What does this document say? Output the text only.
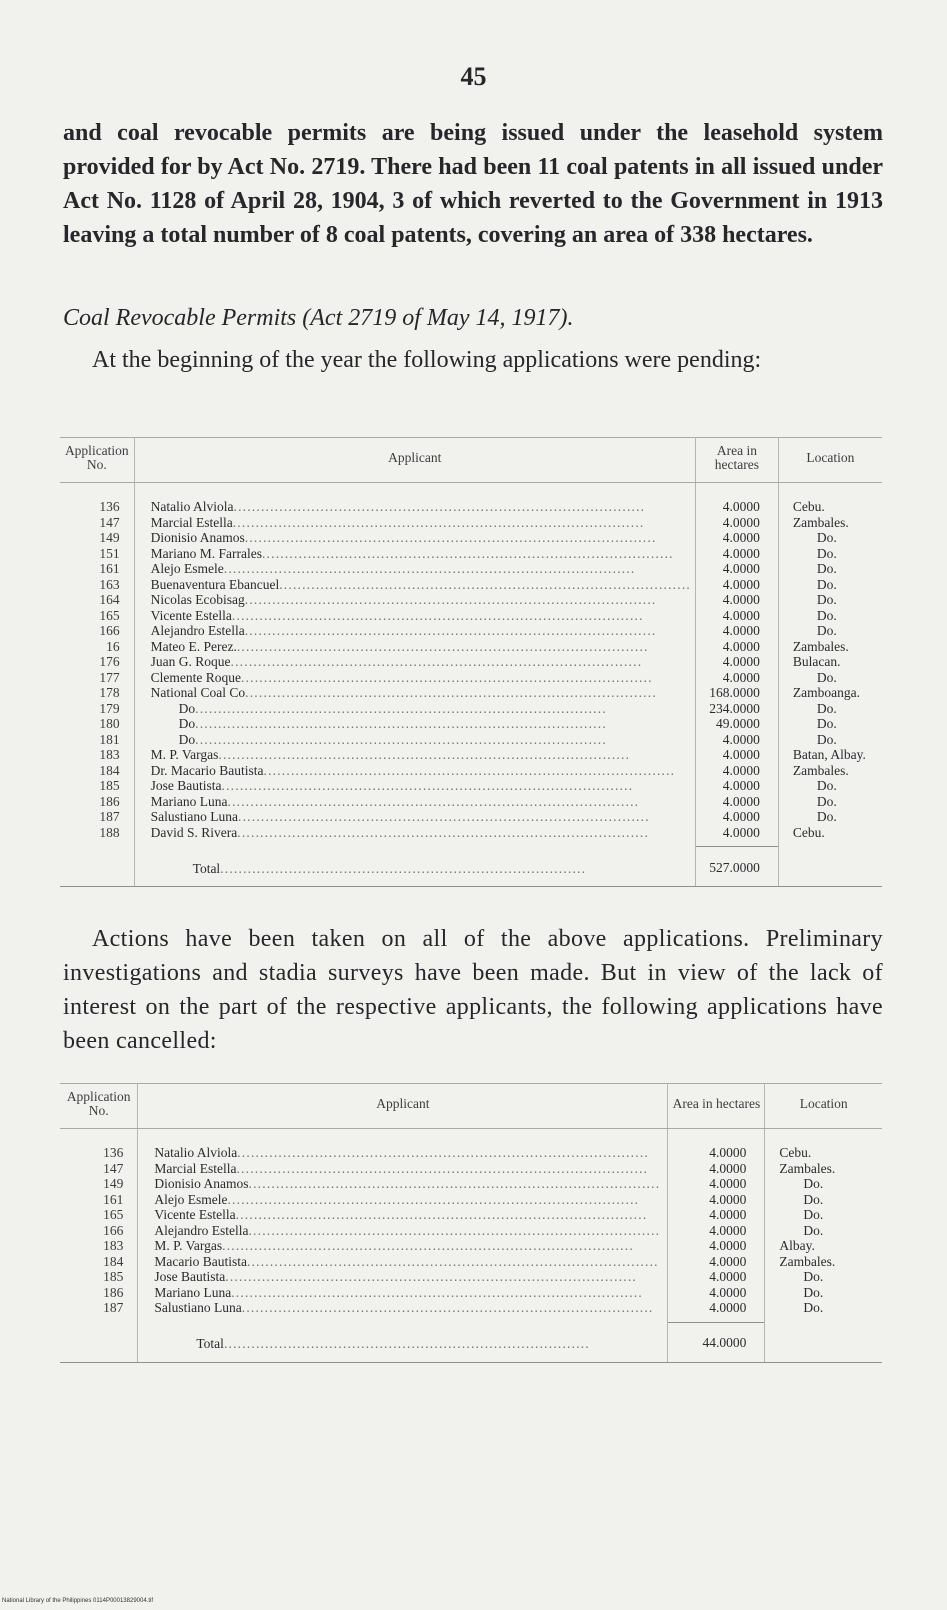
45

and coal revocable permits are being issued under the leasehold system provided for by Act No. 2719. There had been 11 coal patents in all issued under Act No. 1128 of April 28, 1904, 3 of which reverted to the Government in 1913 leaving a total number of 8 coal patents, covering an area of 338 hectares.

Coal Revocable Permits (Act 2719 of May 14, 1917).

At the beginning of the year the following applications were pending:

Application No.	Applicant	Area in hectares	Location
136	Natalio Alviola..........................................................................................	4.0000	Cebu.
147	Marcial Estella..........................................................................................	4.0000	Zambales.
149	Dionisio Anamos..........................................................................................	4.0000	Do.
151	Mariano M. Farrales..........................................................................................	4.0000	Do.
161	Alejo Esmele..........................................................................................	4.0000	Do.
163	Buenaventura Ebancuel..........................................................................................	4.0000	Do.
164	Nicolas Ecobisag..........................................................................................	4.0000	Do.
165	Vicente Estella..........................................................................................	4.0000	Do.
166	Alejandro Estella..........................................................................................	4.0000	Do.
16	Mateo E. Perez...........................................................................................	4.0000	Zambales.
176	Juan G. Roque..........................................................................................	4.0000	Bulacan.
177	Clemente Roque..........................................................................................	4.0000	Do.
178	National Coal Co..........................................................................................	168.0000	Zamboanga.
179	Do..........................................................................................	234.0000	Do.
180	Do..........................................................................................	49.0000	Do.
181	Do..........................................................................................	4.0000	Do.
183	M. P. Vargas..........................................................................................	4.0000	Batan, Albay.
184	Dr. Macario Bautista..........................................................................................	4.0000	Zambales.
185	Jose Bautista..........................................................................................	4.0000	Do.
186	Mariano Luna..........................................................................................	4.0000	Do.
187	Salustiano Luna..........................................................................................	4.0000	Do.
188	David S. Rivera..........................................................................................	4.0000	Cebu.
	Total................................................................................	527.0000	

Actions have been taken on all of the above applications. Preliminary investigations and stadia surveys have been made. But in view of the lack of interest on the part of the respective applicants, the following applications have been cancelled:

Application No.	Applicant	Area in hectares	Location
136	Natalio Alviola..........................................................................................	4.0000	Cebu.
147	Marcial Estella..........................................................................................	4.0000	Zambales.
149	Dionisio Anamos..........................................................................................	4.0000	Do.
161	Alejo Esmele..........................................................................................	4.0000	Do.
165	Vicente Estella..........................................................................................	4.0000	Do.
166	Alejandro Estella..........................................................................................	4.0000	Do.
183	M. P. Vargas..........................................................................................	4.0000	Albay.
184	Macario Bautista..........................................................................................	4.0000	Zambales.
185	Jose Bautista..........................................................................................	4.0000	Do.
186	Mariano Luna..........................................................................................	4.0000	Do.
187	Salustiano Luna..........................................................................................	4.0000	Do.
	Total................................................................................	44.0000	
National Library of the Philippines 0114P00013829004.tif
